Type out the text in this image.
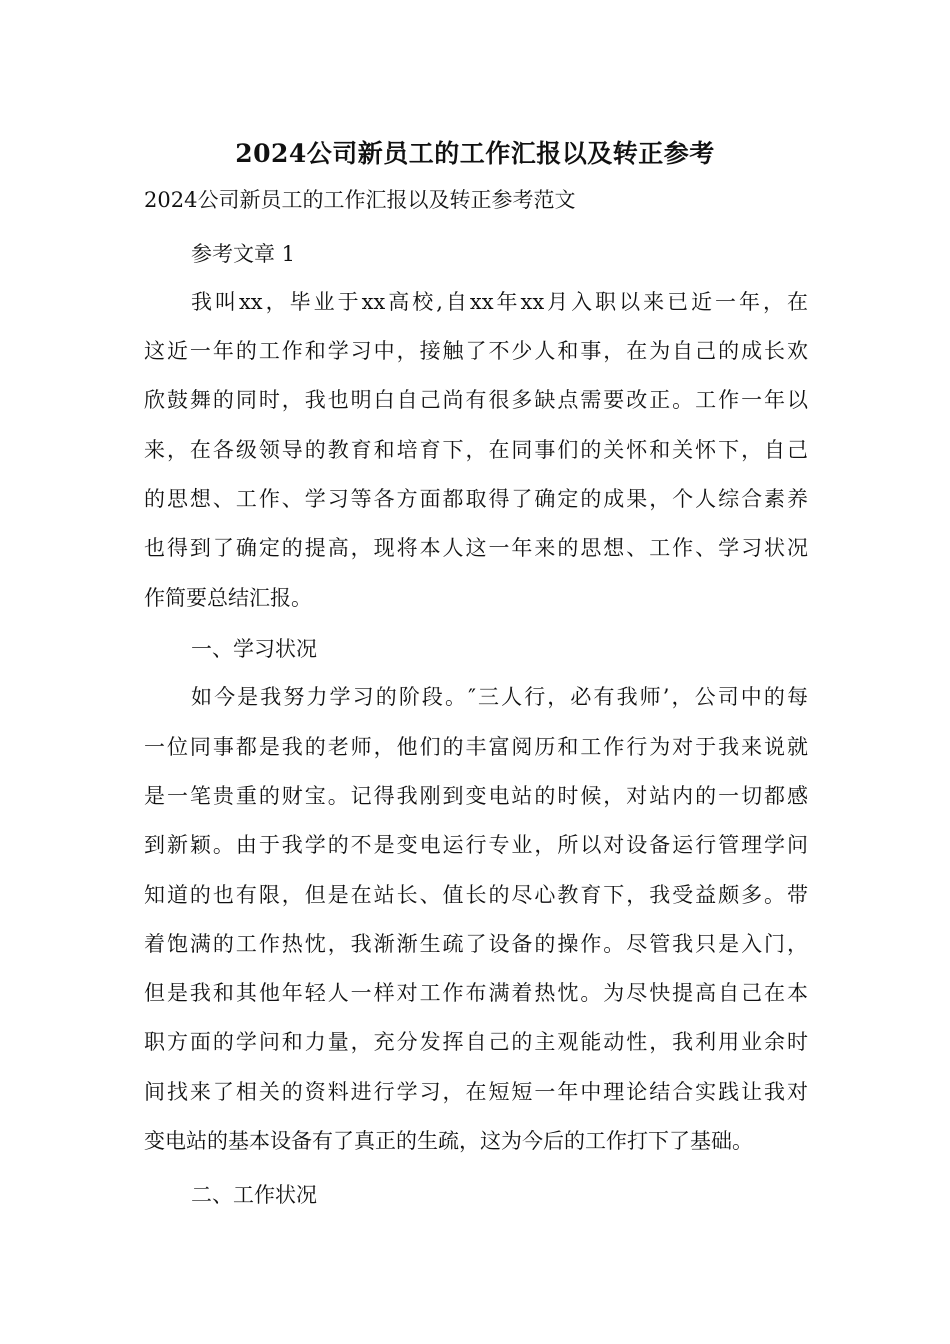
2024公司新员工的工作汇报以及转正参考
2024公司新员工的工作汇报以及转正参考范文
参考文章 1
我叫xx，毕业于xx高校,自xx年xx月入职以来已近一年，在
这近一年的工作和学习中，接触了不少人和事，在为自己的成长欢
欣鼓舞的同时，我也明白自己尚有很多缺点需要改正。工作一年以
来，在各级领导的教育和培育下，在同事们的关怀和关怀下，自己
的思想、工作、学习等各方面都取得了确定的成果，个人综合素养
也得到了确定的提高，现将本人这一年来的思想、工作、学习状况
作简要总结汇报。
一、学习状况
如今是我努力学习的阶段。″三人行，必有我师’，公司中的每
一位同事都是我的老师，他们的丰富阅历和工作行为对于我来说就
是一笔贵重的财宝。记得我刚到变电站的时候，对站内的一切都感
到新颖。由于我学的不是变电运行专业，所以对设备运行管理学问
知道的也有限，但是在站长、值长的尽心教育下，我受益颇多。带
着饱满的工作热忱，我渐渐生疏了设备的操作。尽管我只是入门，
但是我和其他年轻人一样对工作布满着热忱。为尽快提高自己在本
职方面的学问和力量，充分发挥自己的主观能动性，我利用业余时
间找来了相关的资料进行学习，在短短一年中理论结合实践让我对
变电站的基本设备有了真正的生疏，这为今后的工作打下了基础。
二、工作状况
